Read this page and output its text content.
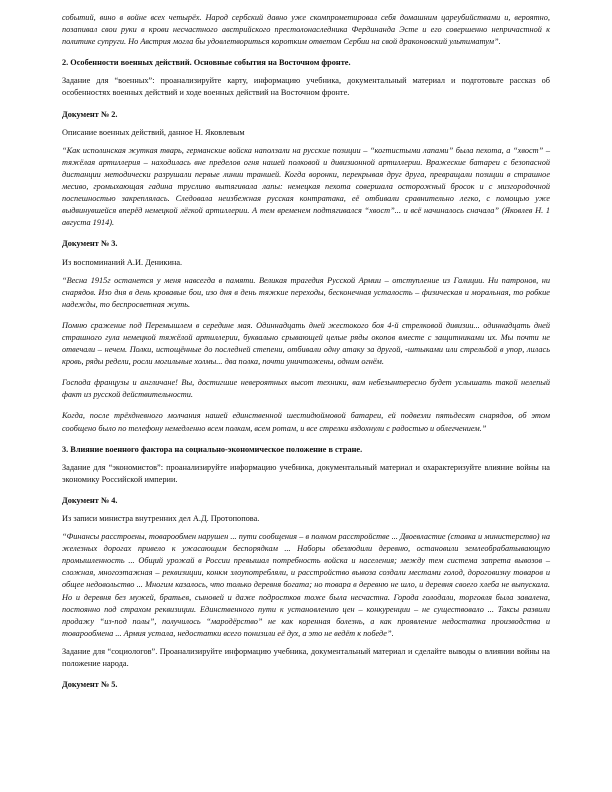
событий, вино в войне всех четырёх. Народ сербский давно уже скомпрометировал себя домашним цареубийствами и, вероятно, позапивал свои руки в крови несчастного австрийского престолонаследника Фердинанда Эсте и его совершенно непричастной к политике супруги. Но Австрия могла бы удовлетвориться коротким ответом Сербии на свой драконовский ультиматум”.

2. Особенности военных действий. Основные события на Восточном фронте.

Задание для “военных”: проанализируйте карту, информацию учебника, документальный материал и подготовьте рассказ об особенностях военных действий и ходе военных действий на Восточном фронте.

Документ № 2.

Описание военных действий, данное Н. Яковлевым

“Как исполинская жуткая тварь, германские войска наползали на русские позиции – “когтистыми лапами” была пехота, а “хвост” – тяжёлая артиллерия – находилась вне пределов огня нашей полковой и дивизионной артиллерии. Вражеские батареи с безопасной дистанции методически разрушали первые линии траншей. Когда воронки, перекрывая друг друга, превращали позиции в страшное месиво, громыхающая гадина трусливо вытягивала лапы: немецкая пехота совершала осторожный бросок и с мизгородочной поспешностью закреплялась. Следовала неизбежная русская контратака, её отбивали сравнительно легко, с помощью уже выдвинувшейся вперёд немецкой лёгкой артиллерии. А тем временем подтягивался “хвост”... и всё начиналось сначала” (Яковлев Н. 1 августа 1914).

Документ № 3.

Из воспоминаний А.И. Деникина.

“Весна 1915г останется у меня навсегда в памяти. Великая трагедия Русской Армии – отступление из Галиции. Ни патронов, ни снарядов. Изо дня в день кровавые бои, изо дня в день тяжкие переходы, бесконечная усталость – физическая и моральная, то робкие надежды, то беспросветная жуть.

Помню сражение под Перемышлем в середине мая. Одиннадцать дней жестокого боя 4-й стрелковой дивизии... одиннадцать дней страшного гула немецкой тяжёлой артиллерии, буквально срывающей целые ряды окопов вместе с защитниками их. Мы почти не отвечали – нечем. Полки, истощённые до последней степени, отбивали одну атаку за другой, -штыками или стрельбой в упор, лилась кровь, ряды редели, росли могильные холмы... два полка, почти уничтожены, одним огнём.

Господа французы и англичане! Вы, достигшие невероятных высот техники, вам небезынтересно будет услышать такой нелепый факт из русской действительности.

Когда, после трёхдневного молчания нашей единственной шестидюймовой батареи, ей подвезли пятьдесят снарядов, об этом сообщено было по телефону немедленно всем полкам, всем ротам, и все стрелки вздохнули с радостью и облегчением.”

3. Влияние военного фактора на социально-экономическое положение в стране.

Задание для “экономистов”: проанализируйте информацию учебника, документальный материал и охарактеризуйте влияние войны на экономику Российской империи.

Документ № 4.

Из записи министра внутренних дел А.Д. Протопопова.

“Финансы расстроены, товарообмен нарушен ... пути сообщения – в полном расстройстве ... Двоевластие (ставка и министерство) на железных дорогах привело к ужасающим беспорядкам ... Наборы обезлюдили деревню, остановили землеобрабатывающую промышленность ... Общий урожай в России превышал потребность войска и населения; между тем система запрета вывозов – сложная, многоэтажная – реквизиции, конкм злоупотребляли, и расстройство вывоза создали местами голод, дороговизну товаров и общее недовольство ... Многим казалось, что только деревня богата; но товара в деревню не шло, и деревня своего хлеба не выпускала. Но и деревня без мужей, братьев, сыновей и даже подростков тоже была несчастна. Города голодали, торговля была завалена, постоянно под страхом реквизиции. Единственного пути к установлению цен – конкуренции – не существовало ... Таксы развили продажу “из-под полы”, получилось “мародёрство” не как коренная болезнь, а как проявление недостатка производства и товарообмена ... Армия устала, недостатки всего понизили её дух, а это не ведёт к победе”.

Задание для “социологов”. Проанализируйте информацию учебника, документальный материал и сделайте выводы о влиянии войны на положение народа.

Документ № 5.
